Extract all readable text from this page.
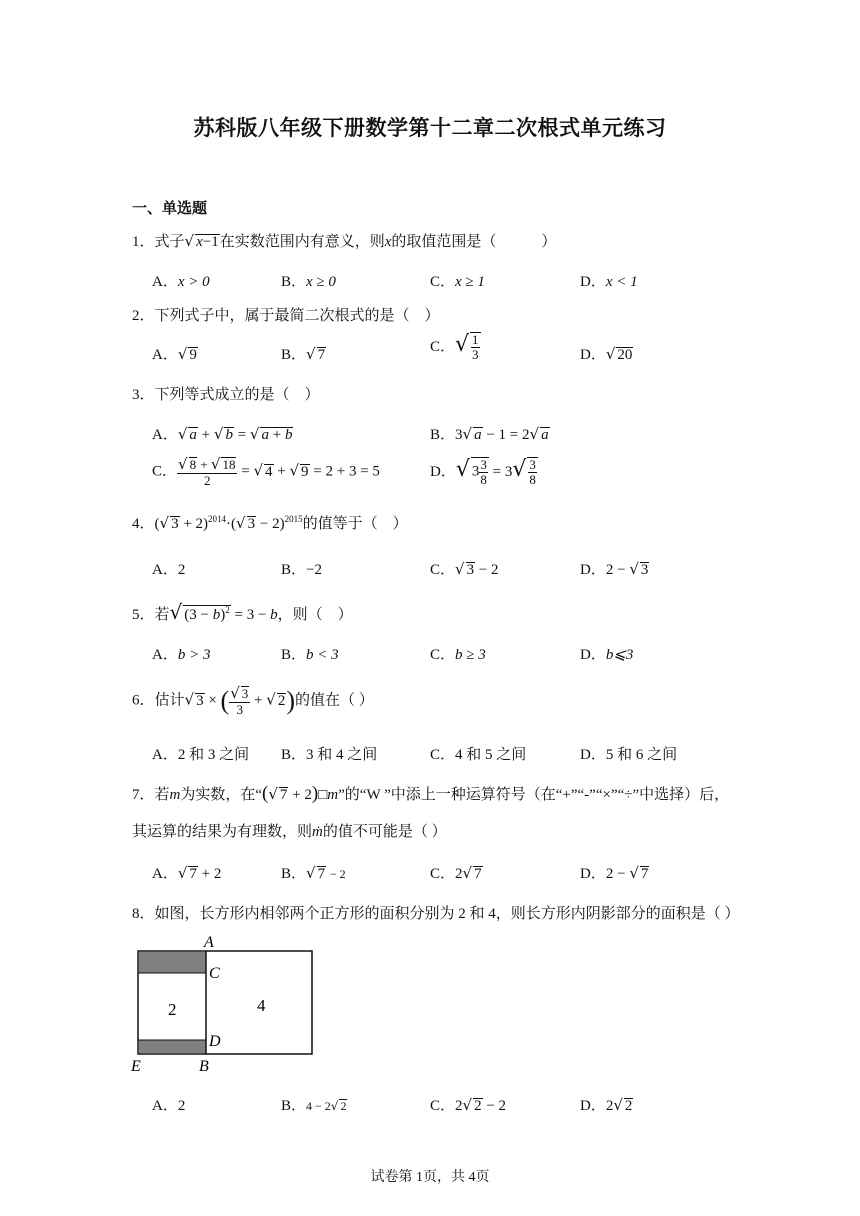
苏科版八年级下册数学第十二章二次根式单元练习
一、单选题
1．式子√ x−1在实数范围内有意义，则x的取值范围是（　　　）
A．x > 0	B．x ≥ 0	C．x ≥ 1	D．x < 1
2．下列式子中，属于最简二次根式的是（　）
A．√ 9	B．√ 7	C．√ $\frac{1}{3}$	D．√ 20
3．下列等式成立的是（　）
A．√ a + √ b = √ a + b	B．3√ a − 1 = 2√ a
C． $\frac{√ 8 + √ 18}{2}$ = √ 4 + √ 9 = 2 + 3 = 5	D．√ $3 \frac{3}{8} = 3√ \frac{3}{8}$
4．(√ 3 + 2)$^{2014}$·(√ 3 − 2)$^{2015}$的值等于（　）
A．2	B．−2	C．√ 3 − 2	D．2 − √ 3
5．若√ $(3 - b)^2 = 3 - b$，则（　）
A．b > 3	B．b < 3	C．b ≥ 3	D．b⩽3
6．估计√ 3 × ( $\frac{√ 3}{3}$ + √ 2)的值在（ ）
A．2 和 3 之间 B．3 和 4 之间	C．4 和 5 之间	D．5 和 6 之间
7．若m为实数，在“(√ 7 + 2)□m”的“W ”中添上一种运算符号（在“+”“-”“×”“÷”中选择）后，
其运算的结果为有理数，则ṁ的值不可能是（ ）
A．√ 7 + 2	B．√ 7 − 2	C．2√ 7	D．2 − √ 7
8．如图，长方形内相邻两个正方形的面积分别为 2 和 4，则长方形内阴影部分的面积是（ ）
A
C
D
E	B
2	4
A．2	B．4 − 2√ 2	C．2√ 2 − 2	D．2√ 2
试卷第 1页，共 4页
